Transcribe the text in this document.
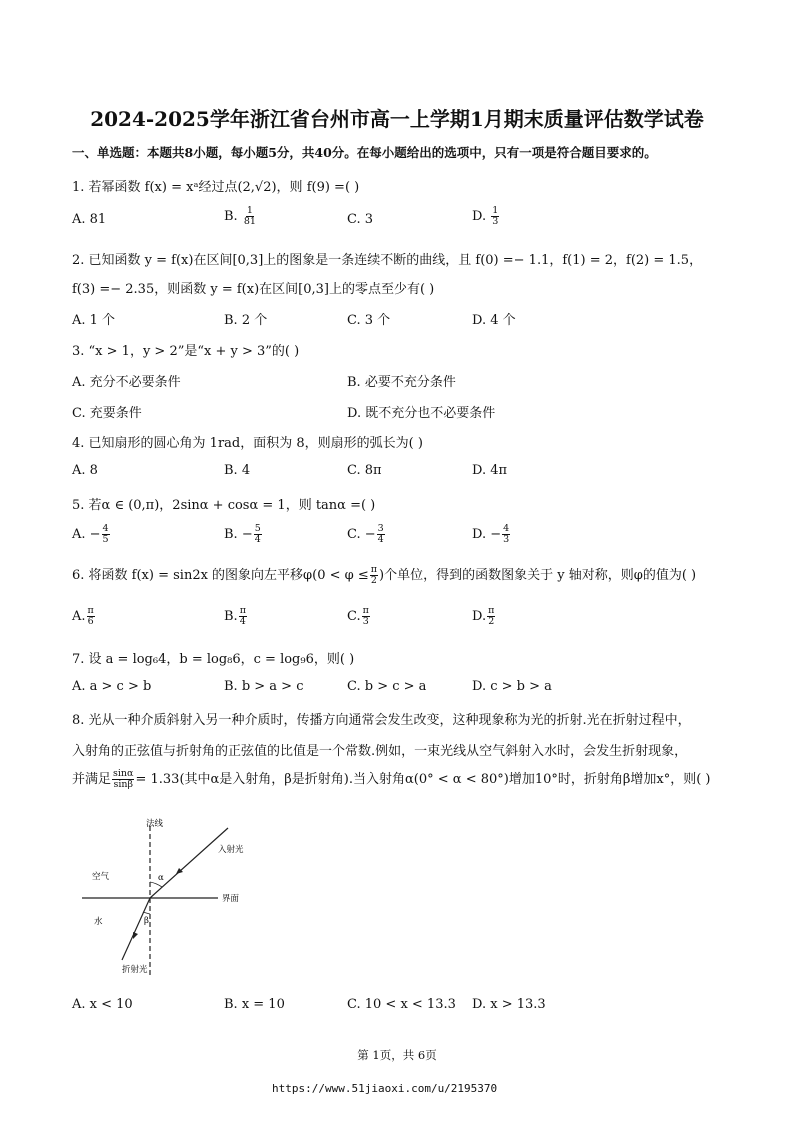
2024-2025学年浙江省台州市高一上学期1月期末质量评估数学试卷
一、单选题：本题共8小题，每小题5分，共40分。在每小题给出的选项中，只有一项是符合题目要求的。
1. 若幂函数 f(x) = xᵃ经过点(2,√2)，则 f(9) =( )
A. 81	B. $\frac{1}{81}$	C. 3	D. $\frac{1}{3}$
2. 已知函数 y = f(x)在区间[0,3]上的图象是一条连续不断的曲线，且 f(0) =− 1.1，f(1) = 2，f(2) = 1.5，
f(3) =− 2.35，则函数 y = f(x)在区间[0,3]上的零点至少有( )
A. 1 个	B. 2 个	C. 3 个	D. 4 个
3. “x > 1，y > 2”是“x + y > 3”的( )
A. 充分不必要条件	B. 必要不充分条件
C. 充要条件	D. 既不充分也不必要条件
4. 已知扇形的圆心角为 1rad，面积为 8，则扇形的弧长为( )
A. 8	B. 4	C. 8π	D. 4π
5. 若α ∈ (0,π)，2sinα + cosα = 1，则 tanα =( )
A. − $\frac{4}{5}$	B. − $\frac{5}{4}$	C. − $\frac{3}{4}$	D. − $\frac{4}{3}$
6. 将函数 f(x) = sin2x 的图象向左平移$\varphi(0 < \varphi \le \frac{\pi}{2}$ )个单位，得到的函数图象关于 y 轴对称，则φ的值为( )
A. $\frac{\pi}{6}$	B. $\frac{\pi}{4}$	C. $\frac{\pi}{3}$	D. $\frac{\pi}{2}$
7. 设 a = log₆4，b = log₈6，c = log₉6，则( )
A. a > c > b	B. b > a > c	C. b > c > a	D. c > b > a
8. 光从一种介质斜射入另一种介质时，传播方向通常会发生改变，这种现象称为光的折射.光在折射过程中，
入射角的正弦值与折射角的正弦值的比值是一个常数.例如，一束光线从空气斜射入水时，会发生折射现象，
并满足 $\frac{\sin\alpha}{\sin\beta} = 1.33$(其中α是入射角，β是折射角).当入射角α(0° < α < 80°)增加10°时，折射角β增加x°，则( )
法线
入射光
空气
界面
水
折射光
α
β
A. x < 10	B. x = 10	C. 10 < x < 13.3 D. x > 13.3
第 1页，共 6页
https://www.51jiaoxi.com/u/2195370
